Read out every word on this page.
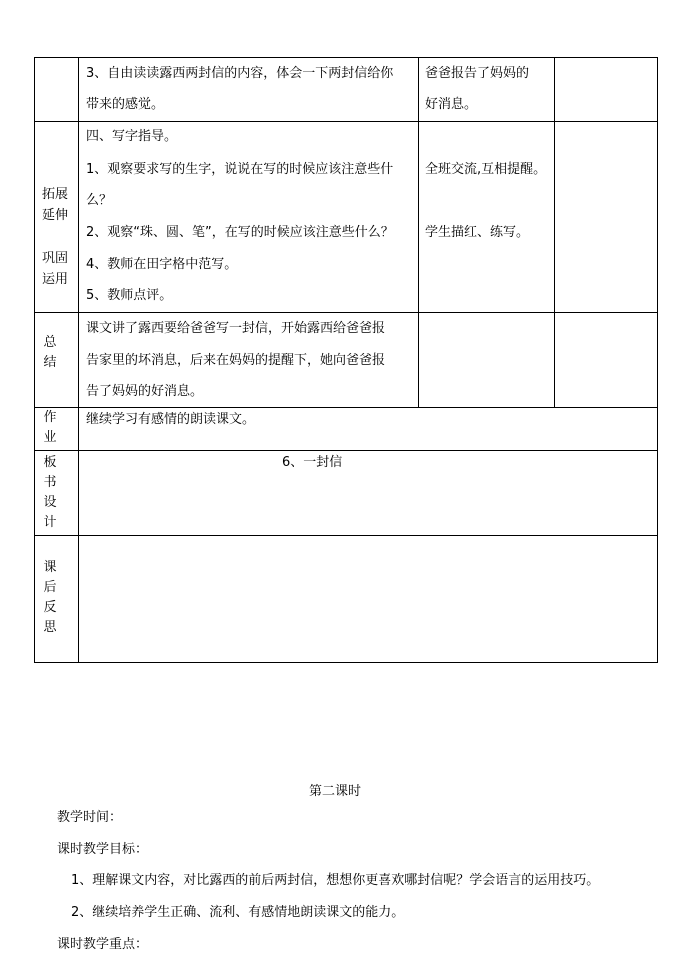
3、自由读读露西两封信的内容，体会一下两封信给你
带来的感觉。
爸爸报告了妈妈的
好消息。
拓展
延伸
巩固
运用
四、写字指导。
1、观察要求写的生字，说说在写的时候应该注意些什
么？
2、观察“珠、圆、笔”，在写的时候应该注意些什么？
4、教师在田字格中范写。
5、教师点评。
全班交流,互相提醒。
学生描红、练写。
总
结
课文讲了露西要给爸爸写一封信，开始露西给爸爸报
告家里的坏消息，后来在妈妈的提醒下，她向爸爸报
告了妈妈的好消息。
作
业
继续学习有感情的朗读课文。
板
书
设
计
6、一封信
课
后
反
思
第二课时
教学时间：
课时教学目标：
1、理解课文内容，对比露西的前后两封信，想想你更喜欢哪封信呢？学会语言的运用技巧。
2、继续培养学生正确、流利、有感情地朗读课文的能力。
课时教学重点：
